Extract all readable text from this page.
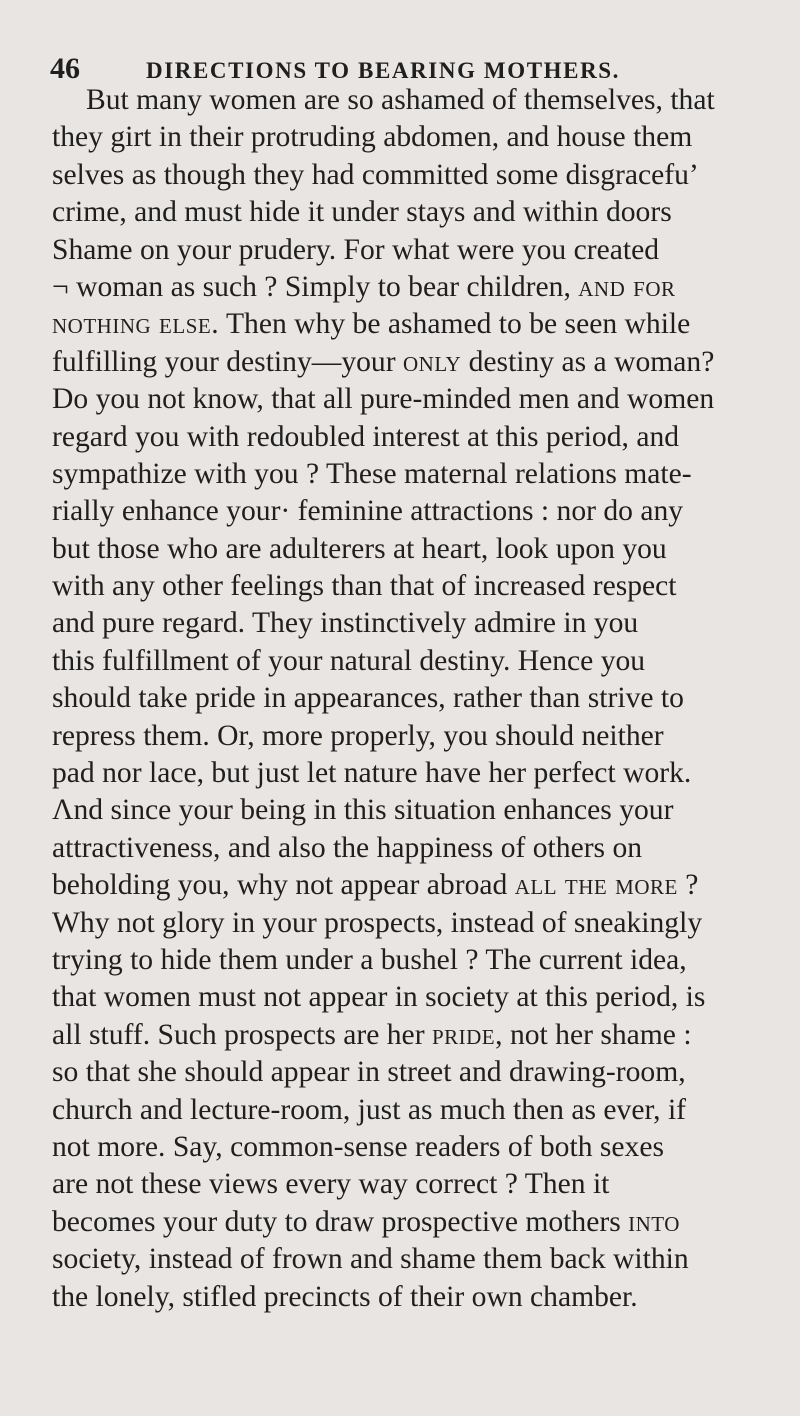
46	DIRECTIONS TO BEARING MOTHERS.
But many women are so ashamed of themselves, that
they girt in their protruding abdomen, and house them
selves as though they had committed some disgracefu’
crime, and must hide it under stays and within doors
Shame on your prudery. For what were you created
¬ woman as such ? Simply to bear children, and for
nothing else. Then why be ashamed to be seen while
fulfilling your destiny—your only destiny as a woman?
Do you not know, that all pure-minded men and women
regard you with redoubled interest at this period, and
sympathize with you ? These maternal relations mate-
rially enhance your· feminine attractions : nor do any
but those who are adulterers at heart, look upon you
with any other feelings than that of increased respect
and pure regard. They instinctively admire in you
this fulfillment of your natural destiny. Hence you
should take pride in appearances, rather than strive to
repress them. Or, more properly, you should neither
pad nor lace, but just let nature have her perfect work.
Λnd since your being in this situation enhances your
attractiveness, and also the happiness of others on
beholding you, why not appear abroad all the more ?
Why not glory in your prospects, instead of sneakingly
trying to hide them under a bushel ? The current idea,
that women must not appear in society at this period, is
all stuff. Such prospects are her pride, not her shame :
so that she should appear in street and drawing-room,
church and lecture-room, just as much then as ever, if
not more. Say, common-sense readers of both sexes
are not these views every way correct ? Then it
becomes your duty to draw prospective mothers into
society, instead of frown and shame them back within
the lonely, stifled precincts of their own chamber.
